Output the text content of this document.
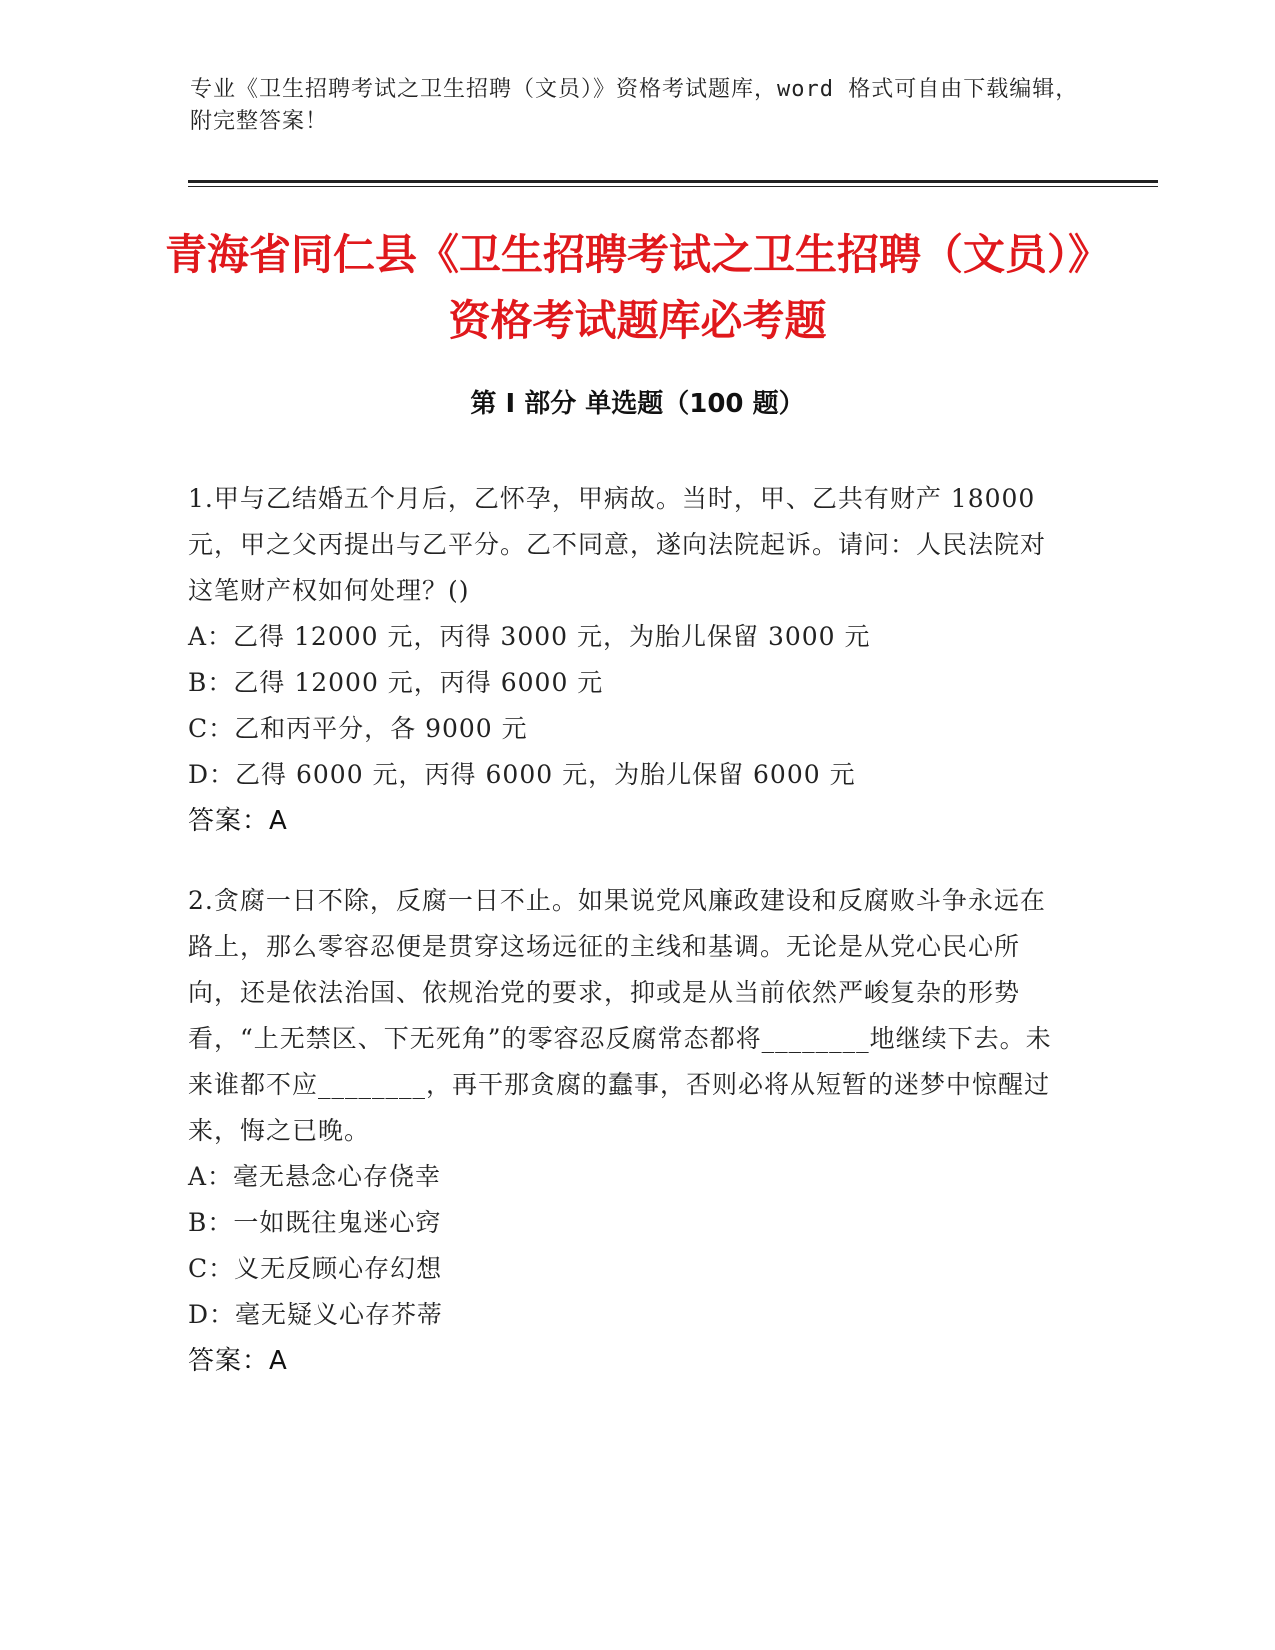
专业《卫生招聘考试之卫生招聘（文员）》资格考试题库，word 格式可自由下载编辑，附完整答案！
青海省同仁县《卫生招聘考试之卫生招聘（文员）》资格考试题库必考题
第 I 部分 单选题（100 题）

1.甲与乙结婚五个月后，乙怀孕，甲病故。当时，甲、乙共有财产 18000 元，甲之父丙提出与乙平分。乙不同意，遂向法院起诉。请问：人民法院对这笔财产权如何处理？()

A：乙得 12000 元，丙得 3000 元，为胎儿保留 3000 元
B：乙得 12000 元，丙得 6000 元
C：乙和丙平分，各 9000 元
D：乙得 6000 元，丙得 6000 元，为胎儿保留 6000 元

答案：A

2.贪腐一日不除，反腐一日不止。如果说党风廉政建设和反腐败斗争永远在路上，那么零容忍便是贯穿这场远征的主线和基调。无论是从党心民心所向，还是依法治国、依规治党的要求，抑或是从当前依然严峻复杂的形势看，“上无禁区、下无死角”的零容忍反腐常态都将________地继续下去。未来谁都不应________，再干那贪腐的蠢事，否则必将从短暂的迷梦中惊醒过来，悔之已晚。

A：毫无悬念心存侥幸
B：一如既往鬼迷心窍
C：义无反顾心存幻想
D：毫无疑义心存芥蒂

答案：A
